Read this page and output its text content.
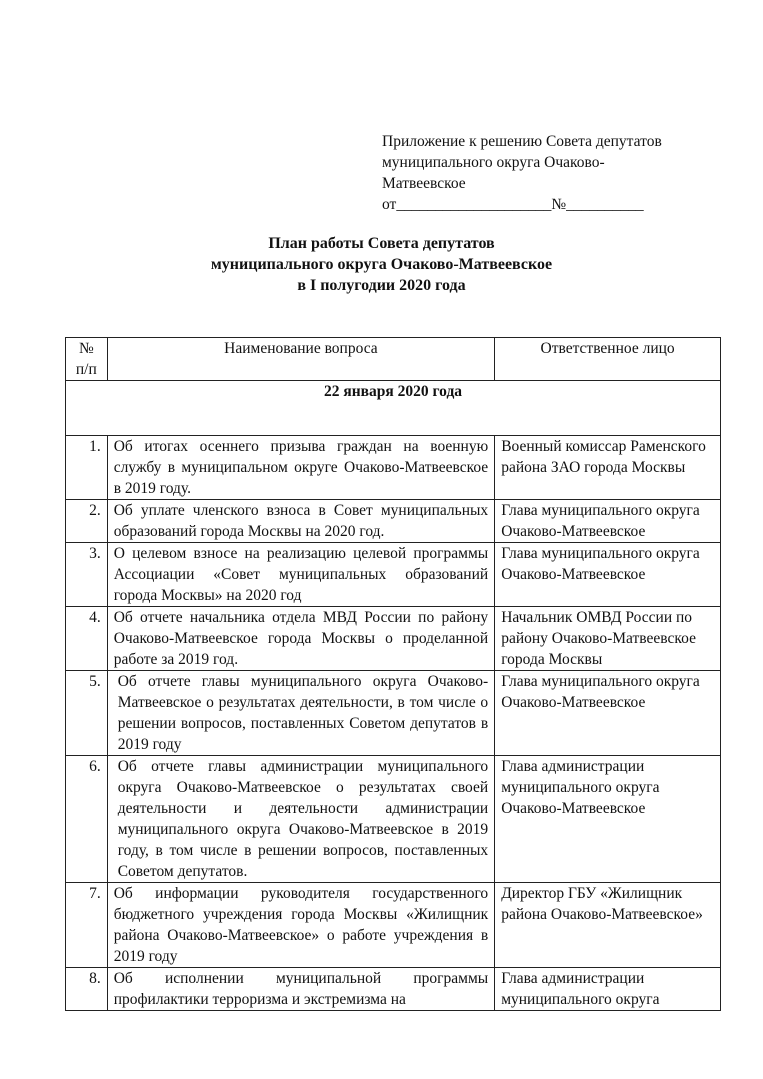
Приложение к решению Совета депутатов
муниципального округа Очаково-
Матвеевское
от____________________№__________
План работы Совета депутатов
муниципального округа Очаково-Матвеевское
в I полугодии 2020 года
№
п/п	Наименование вопроса	Ответственное лицо
22 января 2020 года		
1.	Об итогах осеннего призыва граждан на военную службу в муниципальном округе Очаково-Матвеевское в 2019 году.	Военный комиссар Раменского района ЗАО города Москвы
2.	Об уплате членского взноса в Совет муниципальных образований города Москвы на 2020 год.	Глава муниципального округа Очаково-Матвеевское
3.	О целевом взносе на реализацию целевой программы Ассоциации «Совет муниципальных образований города Москвы» на 2020 год	Глава муниципального округа Очаково-Матвеевское
4.	Об отчете начальника отдела МВД России по району Очаково-Матвеевское города Москвы о проделанной работе за 2019 год.	Начальник ОМВД России по району Очаково-Матвеевское города Москвы
5.	Об отчете главы муниципального округа Очаково-Матвеевское о результатах деятельности, в том числе о решении вопросов, поставленных Советом депутатов в 2019 году	Глава муниципального округа Очаково-Матвеевское
6.	Об отчете главы администрации муниципального округа Очаково-Матвеевское о результатах своей деятельности и деятельности администрации муниципального округа Очаково-Матвеевское в 2019 году, в том числе в решении вопросов, поставленных Советом депутатов.	Глава администрации муниципального округа Очаково-Матвеевское
7.	Об информации руководителя государственного бюджетного учреждения города Москвы «Жилищник района Очаково-Матвеевское» о работе учреждения в 2019 году	Директор ГБУ «Жилищник района Очаково-Матвеевское»
8.	Об исполнении муниципальной программы профилактики терроризма и экстремизма на	Глава администрации муниципального округа
